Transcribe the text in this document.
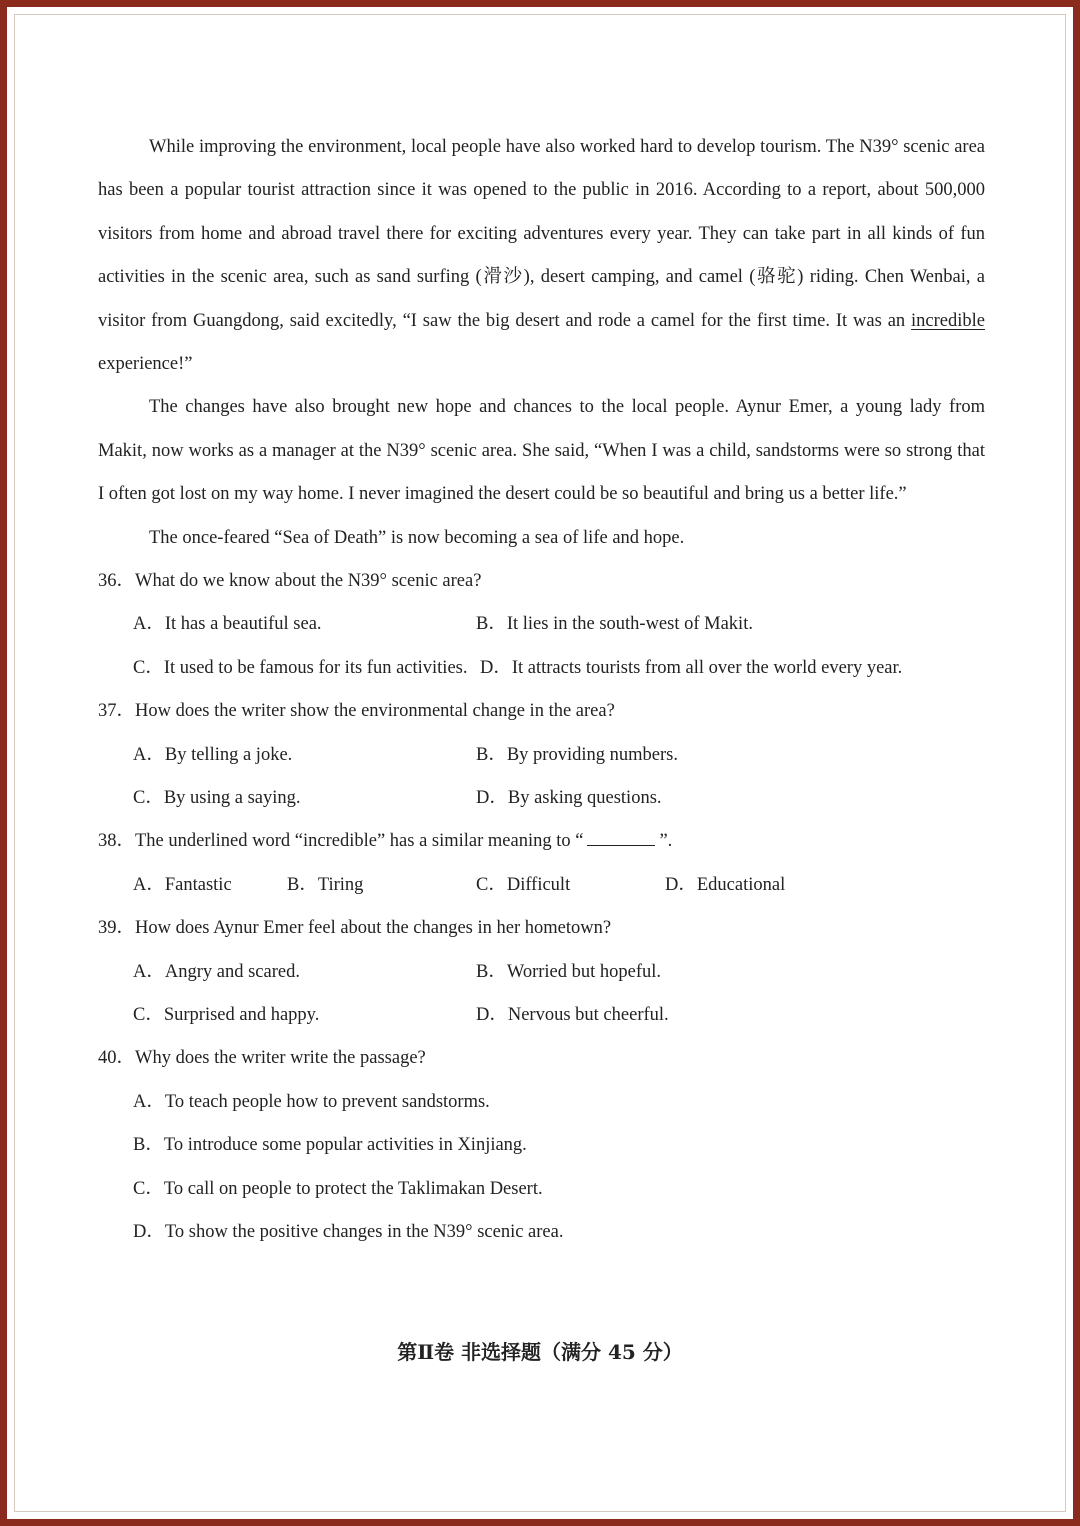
While improving the environment, local people have also worked hard to develop tourism. The N39° scenic area has been a popular tourist attraction since it was opened to the public in 2016. According to a report, about 500,000 visitors from home and abroad travel there for exciting adventures every year. They can take part in all kinds of fun activities in the scenic area, such as sand surfing (滑沙), desert camping, and camel (骆驼) riding. Chen Wenbai, a visitor from Guangdong, said excitedly, “I saw the big desert and rode a camel for the first time. It was an incredible experience!”

The changes have also brought new hope and chances to the local people. Aynur Emer, a young lady from Makit, now works as a manager at the N39° scenic area. She said, “When I was a child, sandstorms were so strong that I often got lost on my way home. I never imagined the desert could be so beautiful and bring us a better life.”

The once-feared “Sea of Death” is now becoming a sea of life and hope.

36．What do we know about the N39° scenic area?
A．It has a beautiful sea.	B．It lies in the south-west of Makit.
C．It used to be famous for its fun activities. D．It attracts tourists from all over the world every year.
37．How does the writer show the environmental change in the area?
A．By telling a joke.	B．By providing numbers.
C．By using a saying.	D．By asking questions.
38．The underlined word “incredible” has a similar meaning to “	”.
A．Fantastic	B．Tiring	C．Difficult	D．Educational
39．How does Aynur Emer feel about the changes in her hometown?
A．Angry and scared.	B．Worried but hopeful.
C．Surprised and happy.	D．Nervous but cheerful.
40．Why does the writer write the passage?
A．To teach people how to prevent sandstorms.
B．To introduce some popular activities in Xinjiang.
C．To call on people to protect the Taklimakan Desert.
D．To show the positive changes in the N39° scenic area.
第Ⅱ卷 非选择题（满分 45 分）
